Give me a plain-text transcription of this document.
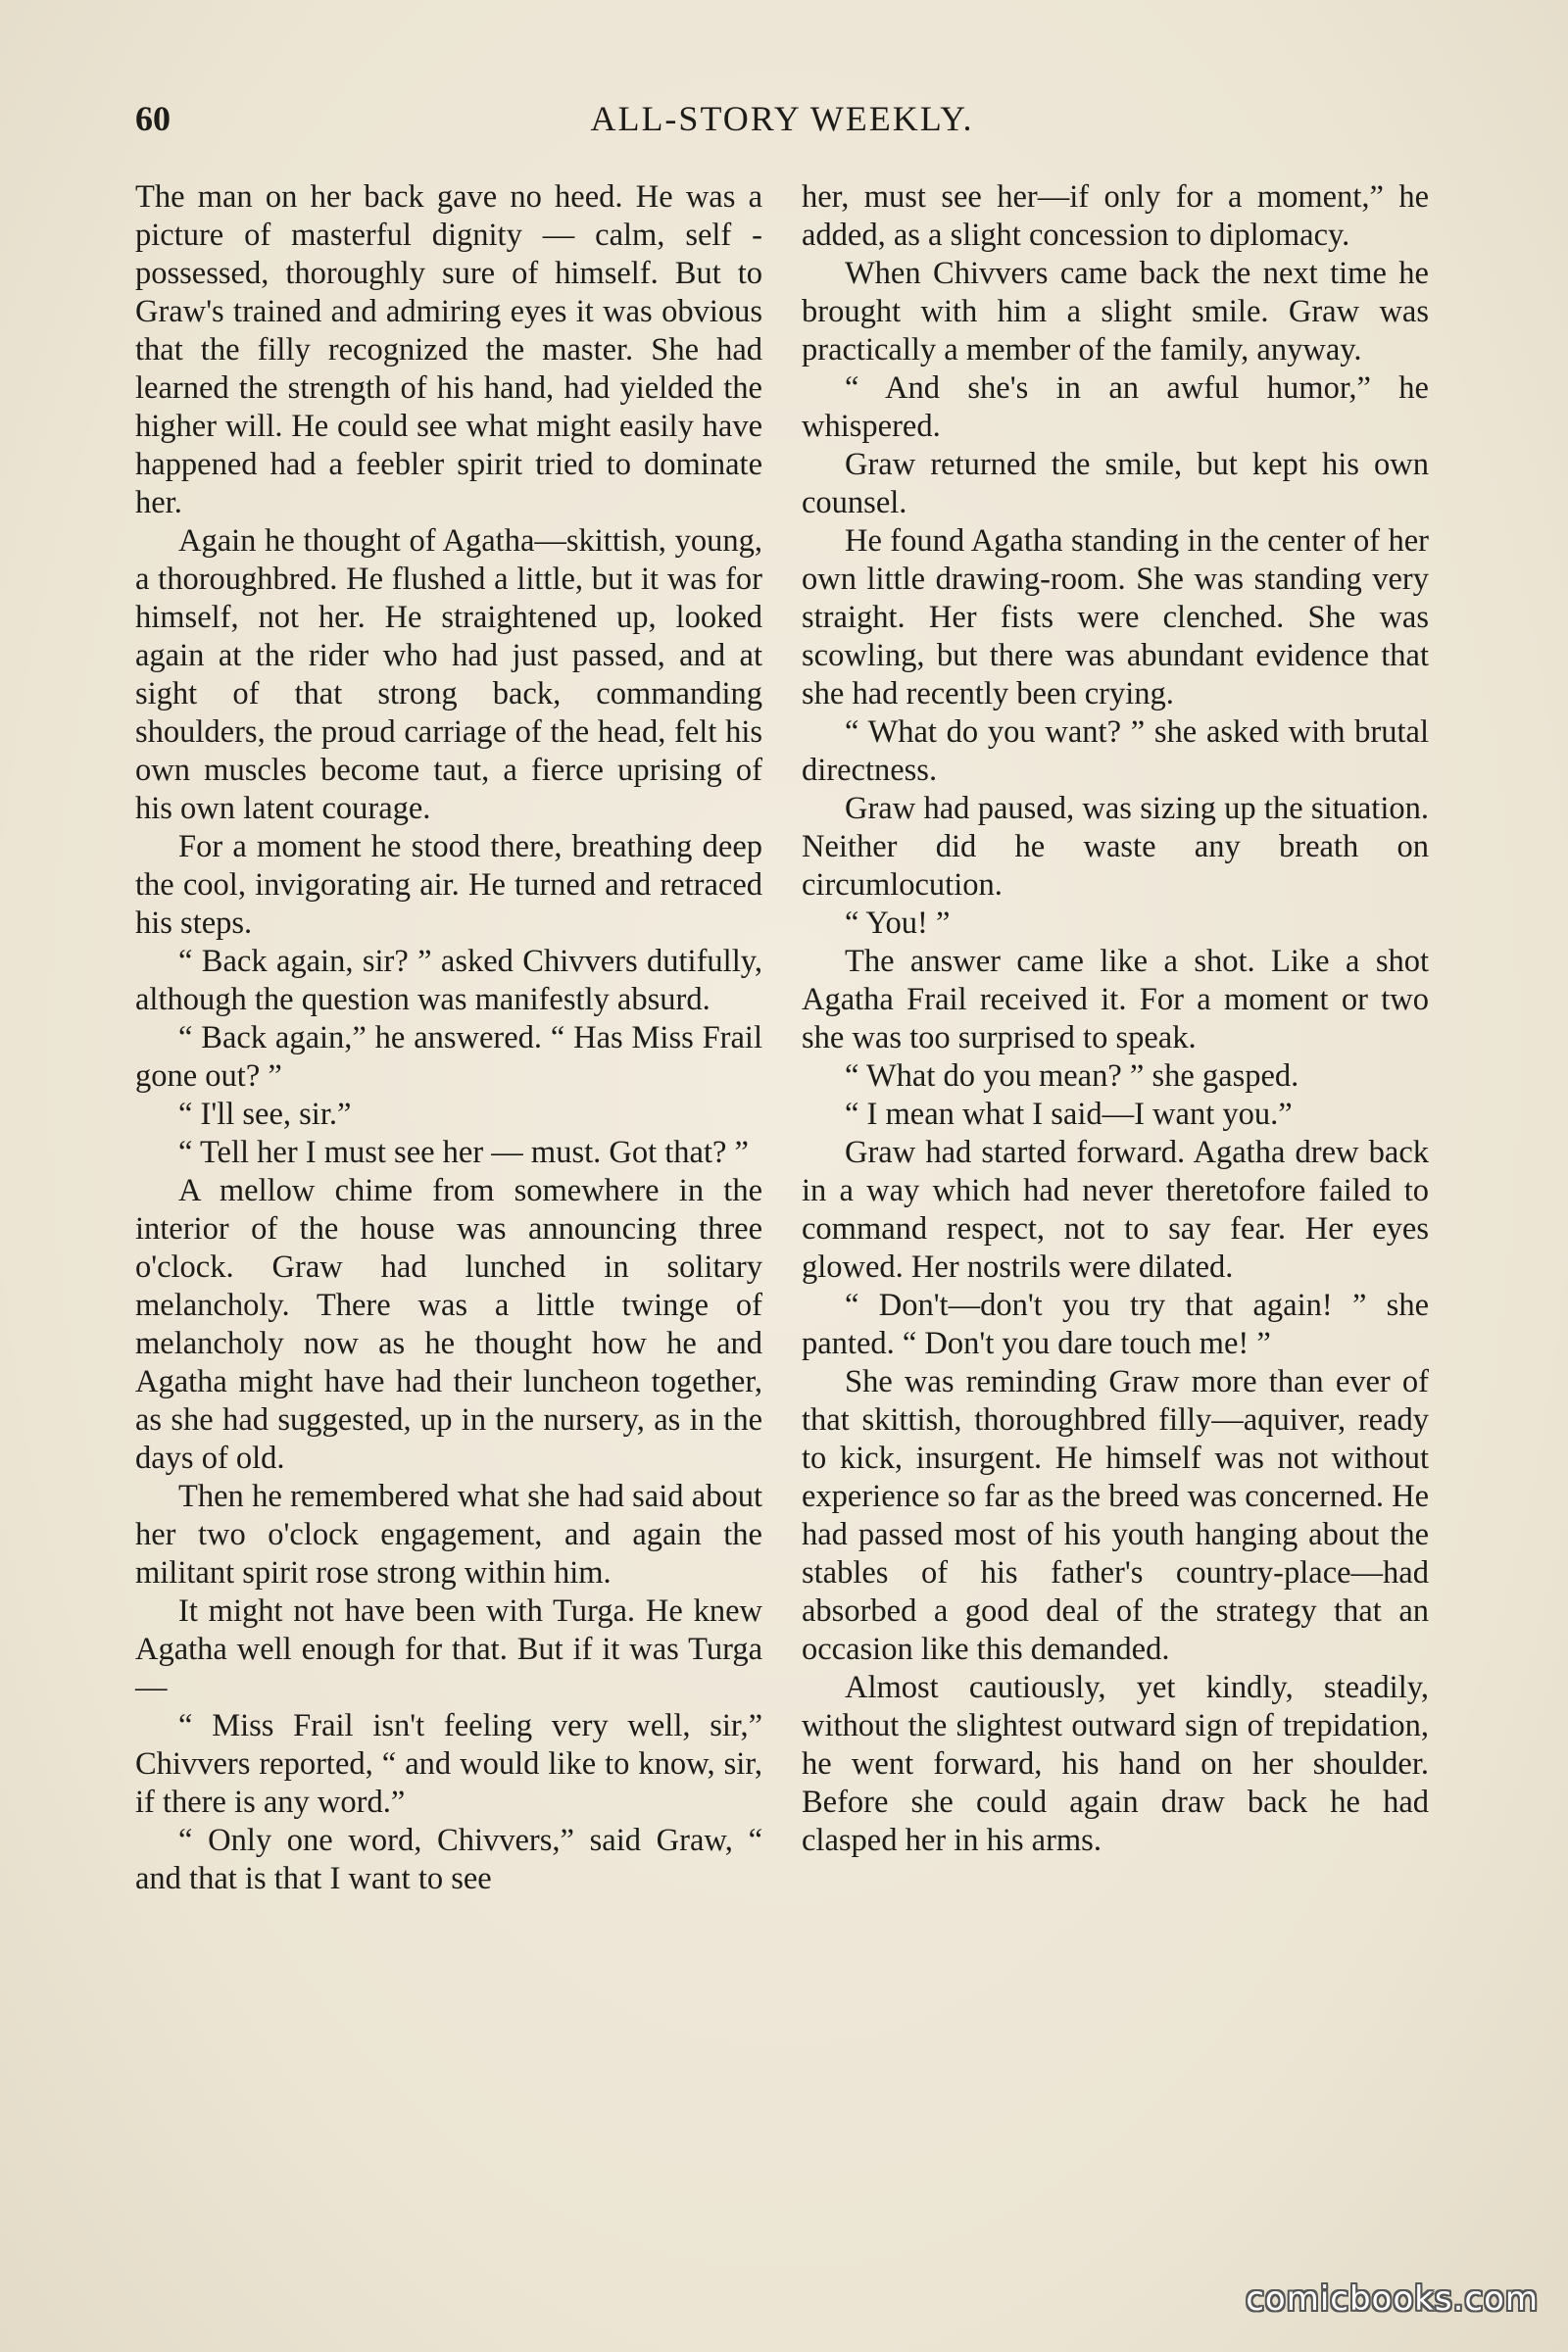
60	ALL-STORY WEEKLY.

The man on her back gave no heed. He was a picture of masterful dignity — calm, self - possessed, thoroughly sure of himself. But to Graw's trained and admiring eyes it was obvious that the filly recognized the master. She had learned the strength of his hand, had yielded the higher will. He could see what might easily have happened had a feebler spirit tried to dominate her.

Again he thought of Agatha—skittish, young, a thoroughbred. He flushed a little, but it was for himself, not her. He straightened up, looked again at the rider who had just passed, and at sight of that strong back, commanding shoulders, the proud carriage of the head, felt his own muscles become taut, a fierce uprising of his own latent courage.

For a moment he stood there, breathing deep the cool, invigorating air. He turned and retraced his steps.

“ Back again, sir? ” asked Chivvers dutifully, although the question was manifestly absurd.

“ Back again,” he answered. “ Has Miss Frail gone out? ”

“ I'll see, sir.”

“ Tell her I must see her — must. Got that? ”

A mellow chime from somewhere in the interior of the house was announcing three o'clock. Graw had lunched in solitary melancholy. There was a little twinge of melancholy now as he thought how he and Agatha might have had their luncheon together, as she had suggested, up in the nursery, as in the days of old.

Then he remembered what she had said about her two o'clock engagement, and again the militant spirit rose strong within him.

It might not have been with Turga. He knew Agatha well enough for that. But if it was Turga—

“ Miss Frail isn't feeling very well, sir,” Chivvers reported, “ and would like to know, sir, if there is any word.”

“ Only one word, Chivvers,” said Graw, “ and that is that I want to see

her, must see her—if only for a moment,” he added, as a slight concession to diplomacy.

When Chivvers came back the next time he brought with him a slight smile. Graw was practically a member of the family, anyway.

“ And she's in an awful humor,” he whispered.

Graw returned the smile, but kept his own counsel.

He found Agatha standing in the center of her own little drawing-room. She was standing very straight. Her fists were clenched. She was scowling, but there was abundant evidence that she had recently been crying.

“ What do you want? ” she asked with brutal directness.

Graw had paused, was sizing up the situation. Neither did he waste any breath on circumlocution.

“ You! ”

The answer came like a shot. Like a shot Agatha Frail received it. For a moment or two she was too surprised to speak.

“ What do you mean? ” she gasped.

“ I mean what I said—I want you.”

Graw had started forward. Agatha drew back in a way which had never theretofore failed to command respect, not to say fear. Her eyes glowed. Her nostrils were dilated.

“ Don't—don't you try that again! ” she panted. “ Don't you dare touch me! ”

She was reminding Graw more than ever of that skittish, thoroughbred filly—aquiver, ready to kick, insurgent. He himself was not without experience so far as the breed was concerned. He had passed most of his youth hanging about the stables of his father's country-place—had absorbed a good deal of the strategy that an occasion like this demanded.

Almost cautiously, yet kindly, steadily, without the slightest outward sign of trepidation, he went forward, his hand on her shoulder. Before she could again draw back he had clasped her in his arms.

comicbooks.com
